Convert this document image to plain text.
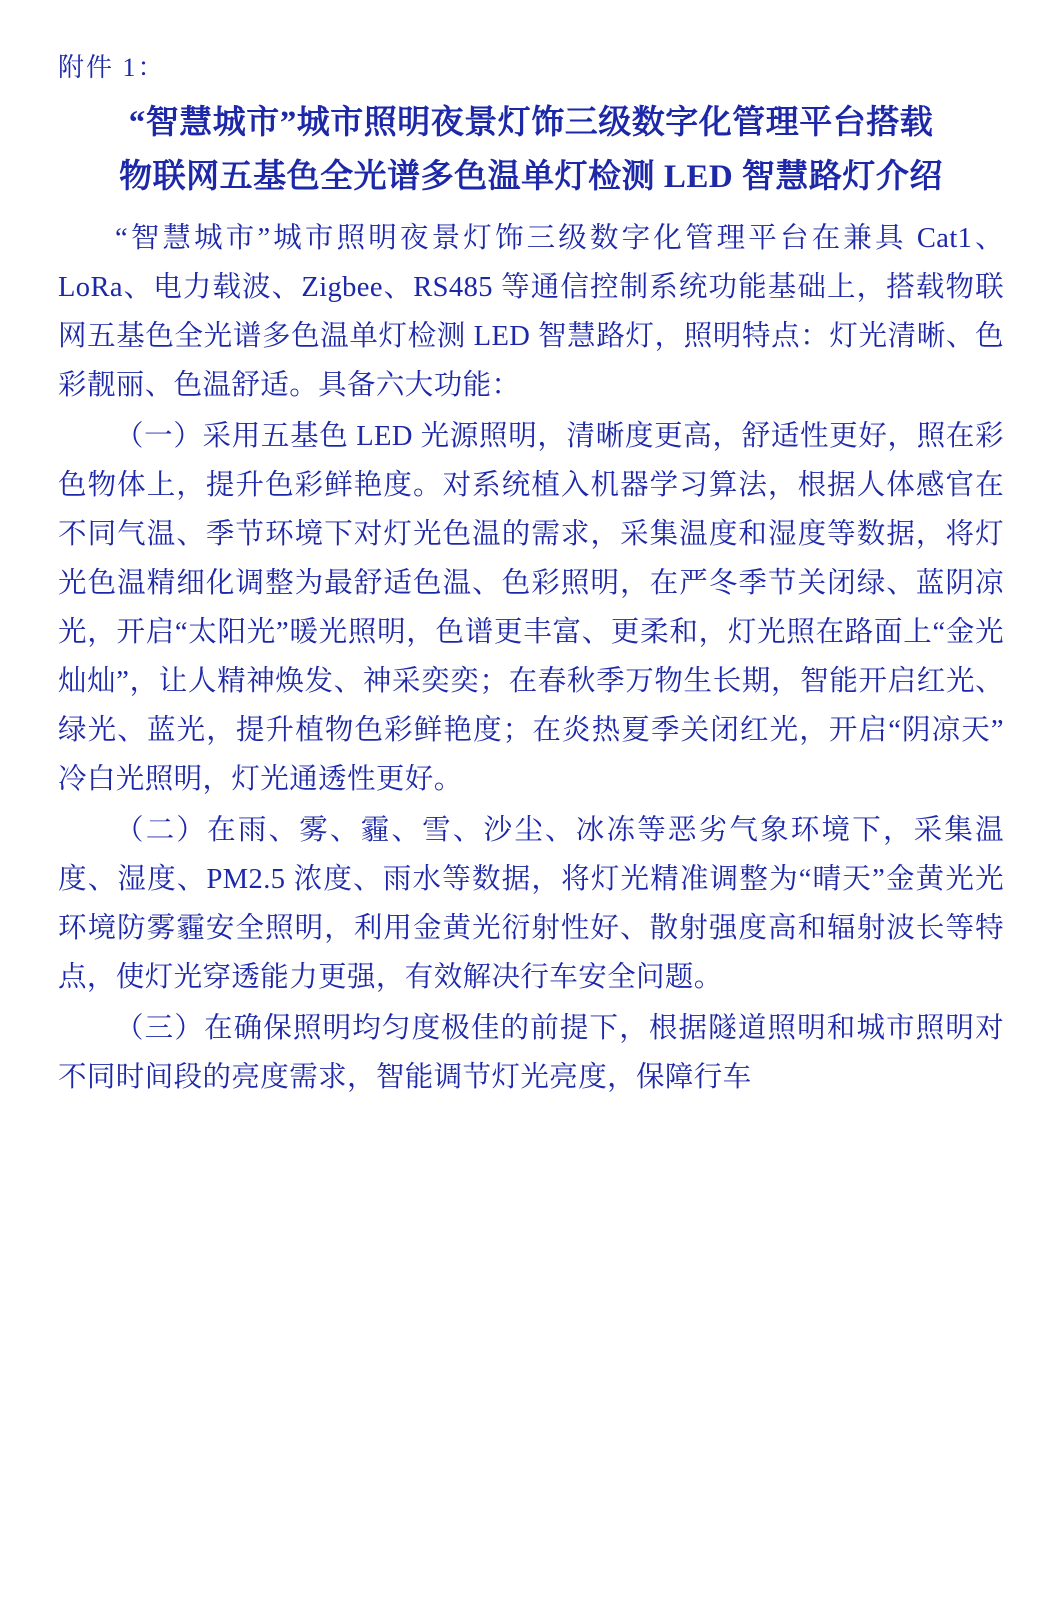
附件 1：
“智慧城市”城市照明夜景灯饰三级数字化管理平台搭载
物联网五基色全光谱多色温单灯检测 LED 智慧路灯介绍

“智慧城市”城市照明夜景灯饰三级数字化管理平台在兼具 Cat1、LoRa、电力载波、Zigbee、RS485 等通信控制系统功能基础上，搭载物联网五基色全光谱多色温单灯检测 LED 智慧路灯，照明特点：灯光清晰、色彩靓丽、色温舒适。具备六大功能：

（一）采用五基色 LED 光源照明，清晰度更高，舒适性更好，照在彩色物体上，提升色彩鲜艳度。对系统植入机器学习算法，根据人体感官在不同气温、季节环境下对灯光色温的需求，采集温度和湿度等数据，将灯光色温精细化调整为最舒适色温、色彩照明，在严冬季节关闭绿、蓝阴凉光，开启“太阳光”暖光照明，色谱更丰富、更柔和，灯光照在路面上“金光灿灿”，让人精神焕发、神采奕奕；在春秋季万物生长期，智能开启红光、绿光、蓝光，提升植物色彩鲜艳度；在炎热夏季关闭红光，开启“阴凉天”冷白光照明，灯光通透性更好。

（二）在雨、雾、霾、雪、沙尘、冰冻等恶劣气象环境下，采集温度、湿度、PM2.5 浓度、雨水等数据，将灯光精准调整为“晴天”金黄光光环境防雾霾安全照明，利用金黄光衍射性好、散射强度高和辐射波长等特点，使灯光穿透能力更强，有效解决行车安全问题。

（三）在确保照明均匀度极佳的前提下，根据隧道照明和城市照明对不同时间段的亮度需求，智能调节灯光亮度，保障行车
